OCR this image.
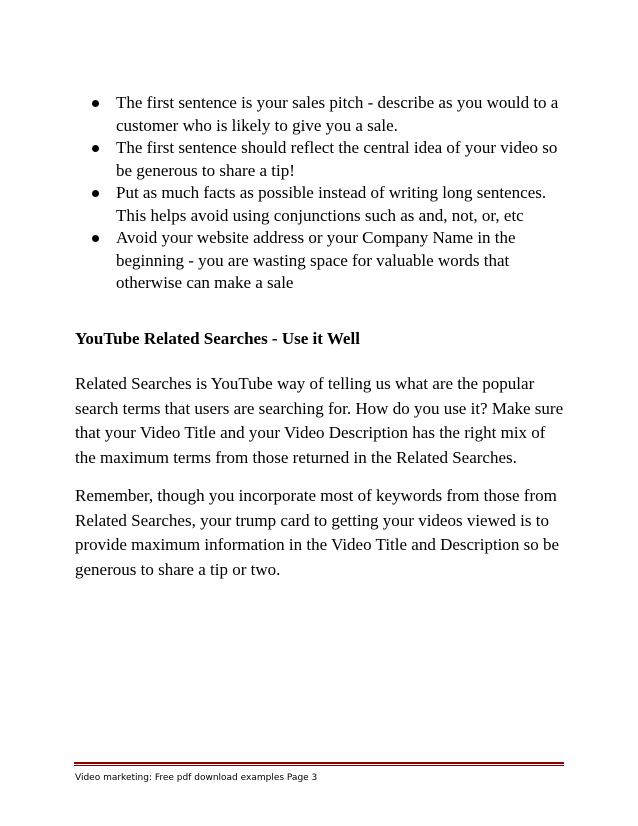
The first sentence is your sales pitch - describe as you would to a
customer who is likely to give you a sale.
The first sentence should reflect the central idea of your video so
be generous to share a tip!
Put as much facts as possible instead of writing long sentences.
This helps avoid using conjunctions such as and, not, or, etc
Avoid your website address or your Company Name in the
beginning - you are wasting space for valuable words that
otherwise can make a sale
YouTube Related Searches - Use it Well
Related Searches is YouTube way of telling us what are the popular
search terms that users are searching for. How do you use it? Make sure
that your Video Title and your Video Description has the right mix of
the maximum terms from those returned in the Related Searches.
Remember, though you incorporate most of keywords from those from
Related Searches, your trump card to getting your videos viewed is to
provide maximum information in the Video Title and Description so be
generous to share a tip or two.
Video marketing: Free pdf download examples Page 3
